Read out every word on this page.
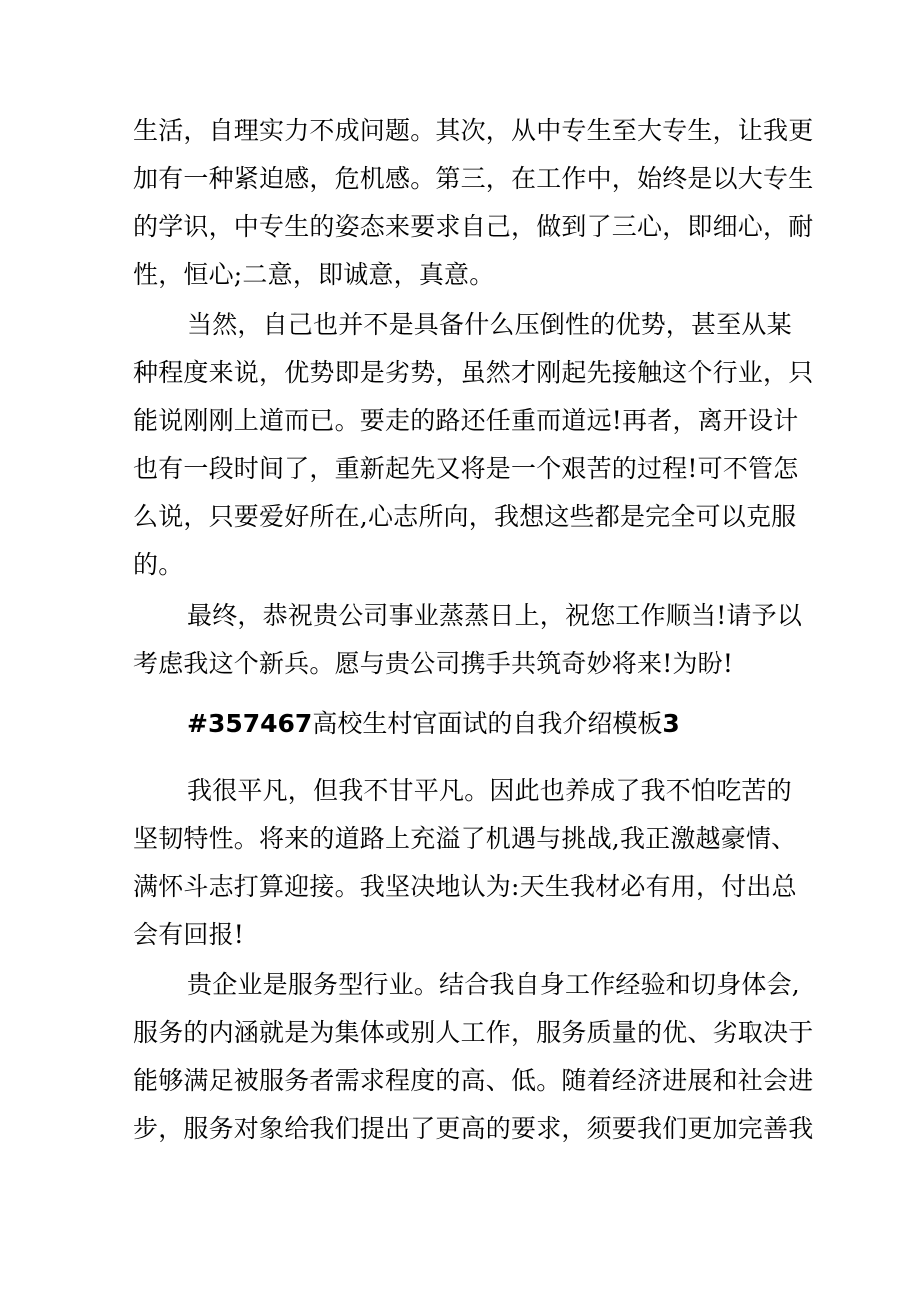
生活，自理实力不成问题。其次，从中专生至大专生，让我更
加有一种紧迫感，危机感。第三，在工作中，始终是以大专生
的学识，中专生的姿态来要求自己，做到了三心，即细心，耐
性，恒心;二意，即诚意，真意。
当然，自己也并不是具备什么压倒性的优势，甚至从某
种程度来说，优势即是劣势，虽然才刚起先接触这个行业，只
能说刚刚上道而已。要走的路还任重而道远!再者，离开设计
也有一段时间了，重新起先又将是一个艰苦的过程!可不管怎
么说，只要爱好所在,心志所向，我想这些都是完全可以克服
的。
最终，恭祝贵公司事业蒸蒸日上，祝您工作顺当!请予以
考虑我这个新兵。愿与贵公司携手共筑奇妙将来!为盼!
#357467高校生村官面试的自我介绍模板3
我很平凡，但我不甘平凡。因此也养成了我不怕吃苦的
坚韧特性。将来的道路上充溢了机遇与挑战,我正激越豪情、
满怀斗志打算迎接。我坚决地认为:天生我材必有用，付出总
会有回报!
贵企业是服务型行业。结合我自身工作经验和切身体会,
服务的内涵就是为集体或别人工作，服务质量的优、劣取决于
能够满足被服务者需求程度的高、低。随着经济进展和社会进
步，服务对象给我们提出了更高的要求，须要我们更加完善我
